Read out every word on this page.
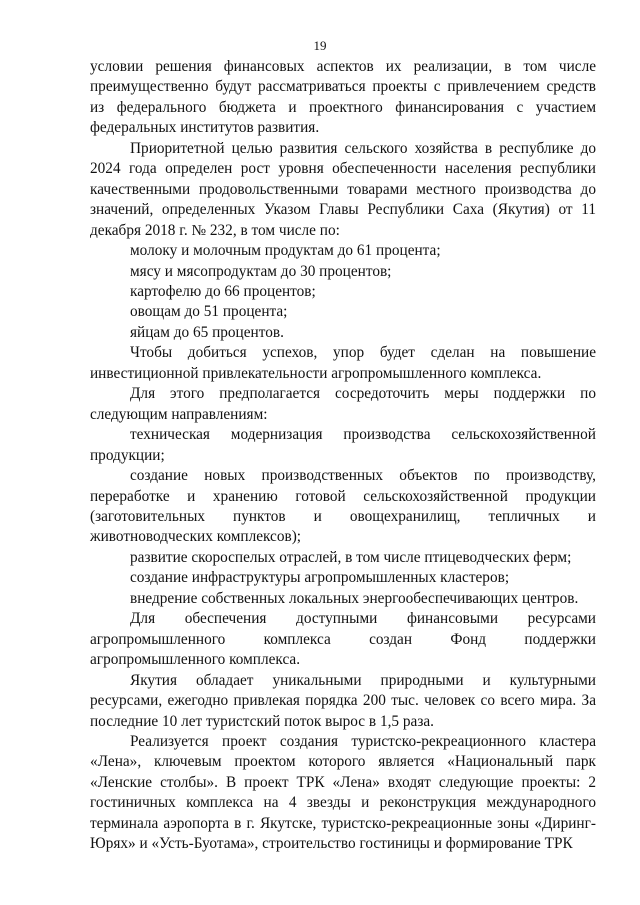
19

условии решения финансовых аспектов их реализации, в том числе преимущественно будут рассматриваться проекты с привлечением средств из федерального бюджета и проектного финансирования с участием федеральных институтов развития.

Приоритетной целью развития сельского хозяйства в республике до 2024 года определен рост уровня обеспеченности населения республики качественными продовольственными товарами местного производства до значений, определенных Указом Главы Республики Саха (Якутия) от 11 декабря 2018 г. № 232, в том числе по:

молоку и молочным продуктам до 61 процента;

мясу и мясопродуктам до 30 процентов;

картофелю до 66 процентов;

овощам до 51 процента;

яйцам до 65 процентов.

Чтобы добиться успехов, упор будет сделан на повышение инвестиционной привлекательности агропромышленного комплекса.

Для этого предполагается сосредоточить меры поддержки по следующим направлениям:

техническая модернизация производства сельскохозяйственной продукции;

создание новых производственных объектов по производству, переработке и хранению готовой сельскохозяйственной продукции (заготовительных пунктов и овощехранилищ, тепличных и животноводческих комплексов);

развитие скороспелых отраслей, в том числе птицеводческих ферм;

создание инфраструктуры агропромышленных кластеров;

внедрение собственных локальных энергообеспечивающих центров.

Для обеспечения доступными финансовыми ресурсами агропромышленного комплекса создан Фонд поддержки агропромышленного комплекса.

Якутия обладает уникальными природными и культурными ресурсами, ежегодно привлекая порядка 200 тыс. человек со всего мира. За последние 10 лет туристский поток вырос в 1,5 раза.

Реализуется проект создания туристско-рекреационного кластера «Лена», ключевым проектом которого является «Национальный парк «Ленские столбы». В проект ТРК «Лена» входят следующие проекты: 2 гостиничных комплекса на 4 звезды и реконструкция международного терминала аэропорта в г. Якутске, туристско-рекреационные зоны «Диринг-Юрях» и «Усть-Буотама», строительство гостиницы и формирование ТРК
